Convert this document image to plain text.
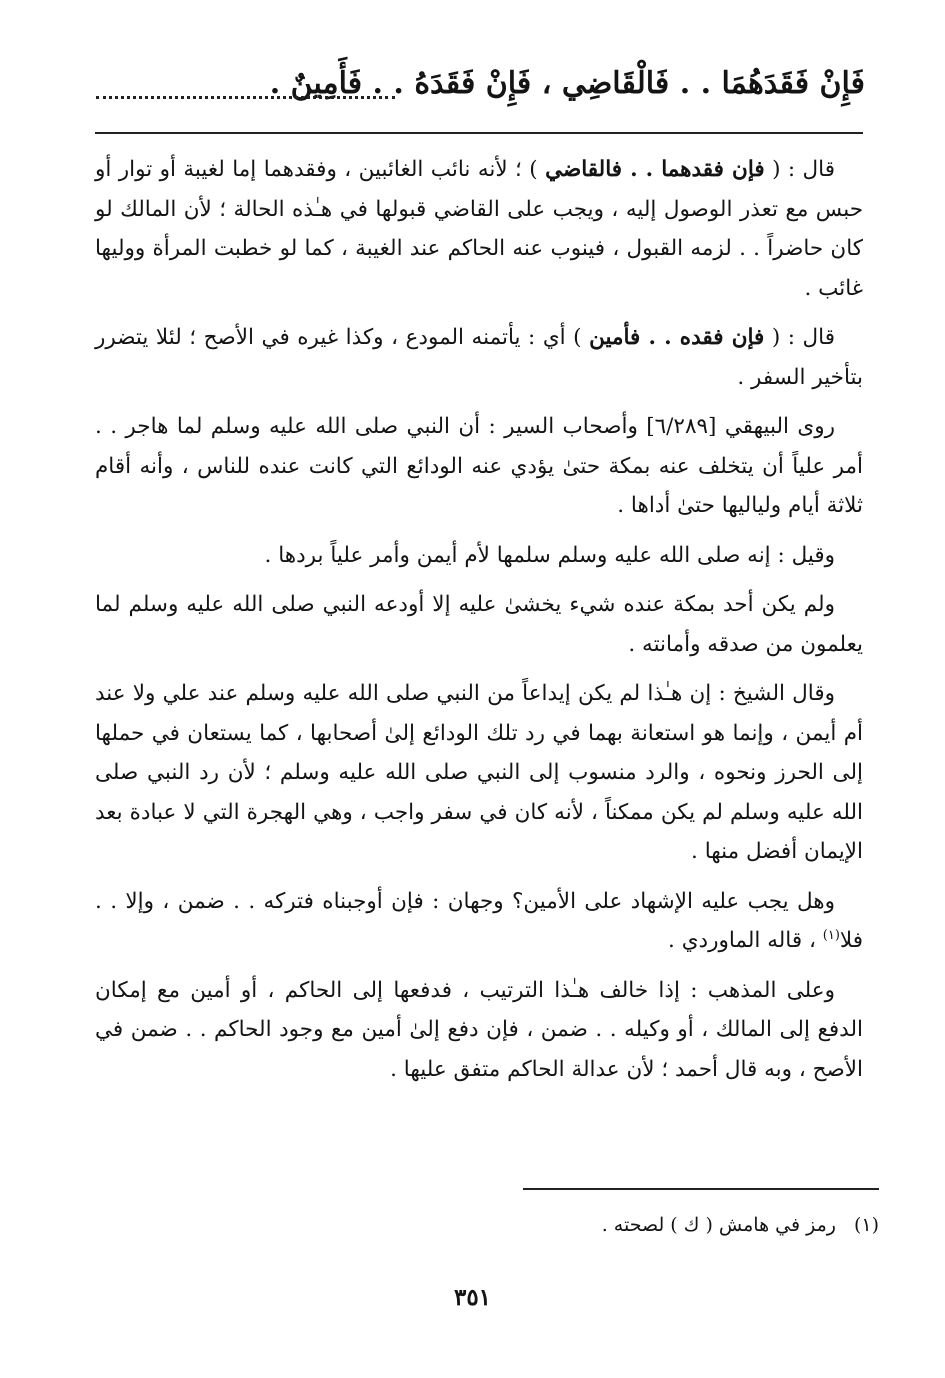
فَإِنْ فَقَدَهُمَا . . فَالْقَاضِي ، فَإِنْ فَقَدَهُ . . فَأَمِينٌ .

قال : ( فإن فقدهما . . فالقاضي ) ؛ لأنه نائب الغائبين ، وفقدهما إما لغيبة أو توار أو حبس مع تعذر الوصول إليه ، ويجب على القاضي قبولها في هـٰذه الحالة ؛ لأن المالك لو كان حاضراً . . لزمه القبول ، فينوب عنه الحاكم عند الغيبة ، كما لو خطبت المرأة ووليها غائب .

قال : ( فإن فقده . . فأمين ) أي : يأتمنه المودع ، وكذا غيره في الأصح ؛ لئلا يتضرر بتأخير السفر .

روى البيهقي [٦/٢٨٩] وأصحاب السير : أن النبي صلى الله عليه وسلم لما هاجر . . أمر علياً أن يتخلف عنه بمكة حتىٰ يؤدي عنه الودائع التي كانت عنده للناس ، وأنه أقام ثلاثة أيام ولياليها حتىٰ أداها .

وقيل : إنه صلى الله عليه وسلم سلمها لأم أيمن وأمر علياً بردها .

ولم يكن أحد بمكة عنده شيء يخشىٰ عليه إلا أودعه النبي صلى الله عليه وسلم لما يعلمون من صدقه وأمانته .

وقال الشيخ : إن هـٰذا لم يكن إيداعاً من النبي صلى الله عليه وسلم عند علي ولا عند أم أيمن ، وإنما هو استعانة بهما في رد تلك الودائع إلىٰ أصحابها ، كما يستعان في حملها إلى الحرز ونحوه ، والرد منسوب إلى النبي صلى الله عليه وسلم ؛ لأن رد النبي صلى الله عليه وسلم لم يكن ممكناً ، لأنه كان في سفر واجب ، وهي الهجرة التي لا عبادة بعد الإيمان أفضل منها .

وهل يجب عليه الإشهاد على الأمين؟ وجهان : فإن أوجبناه فتركه . . ضمن ، وإلا . . فلا$^{(١)}$ ، قاله الماوردي .

وعلى المذهب : إذا خالف هـٰذا الترتيب ، فدفعها إلى الحاكم ، أو أمين مع إمكان الدفع إلى المالك ، أو وكيله . . ضمن ، فإن دفع إلىٰ أمين مع وجود الحاكم . . ضمن في الأصح ، وبه قال أحمد ؛ لأن عدالة الحاكم متفق عليها .

(١)رمز في هامش ( ك ) لصحته .
٣٥١
